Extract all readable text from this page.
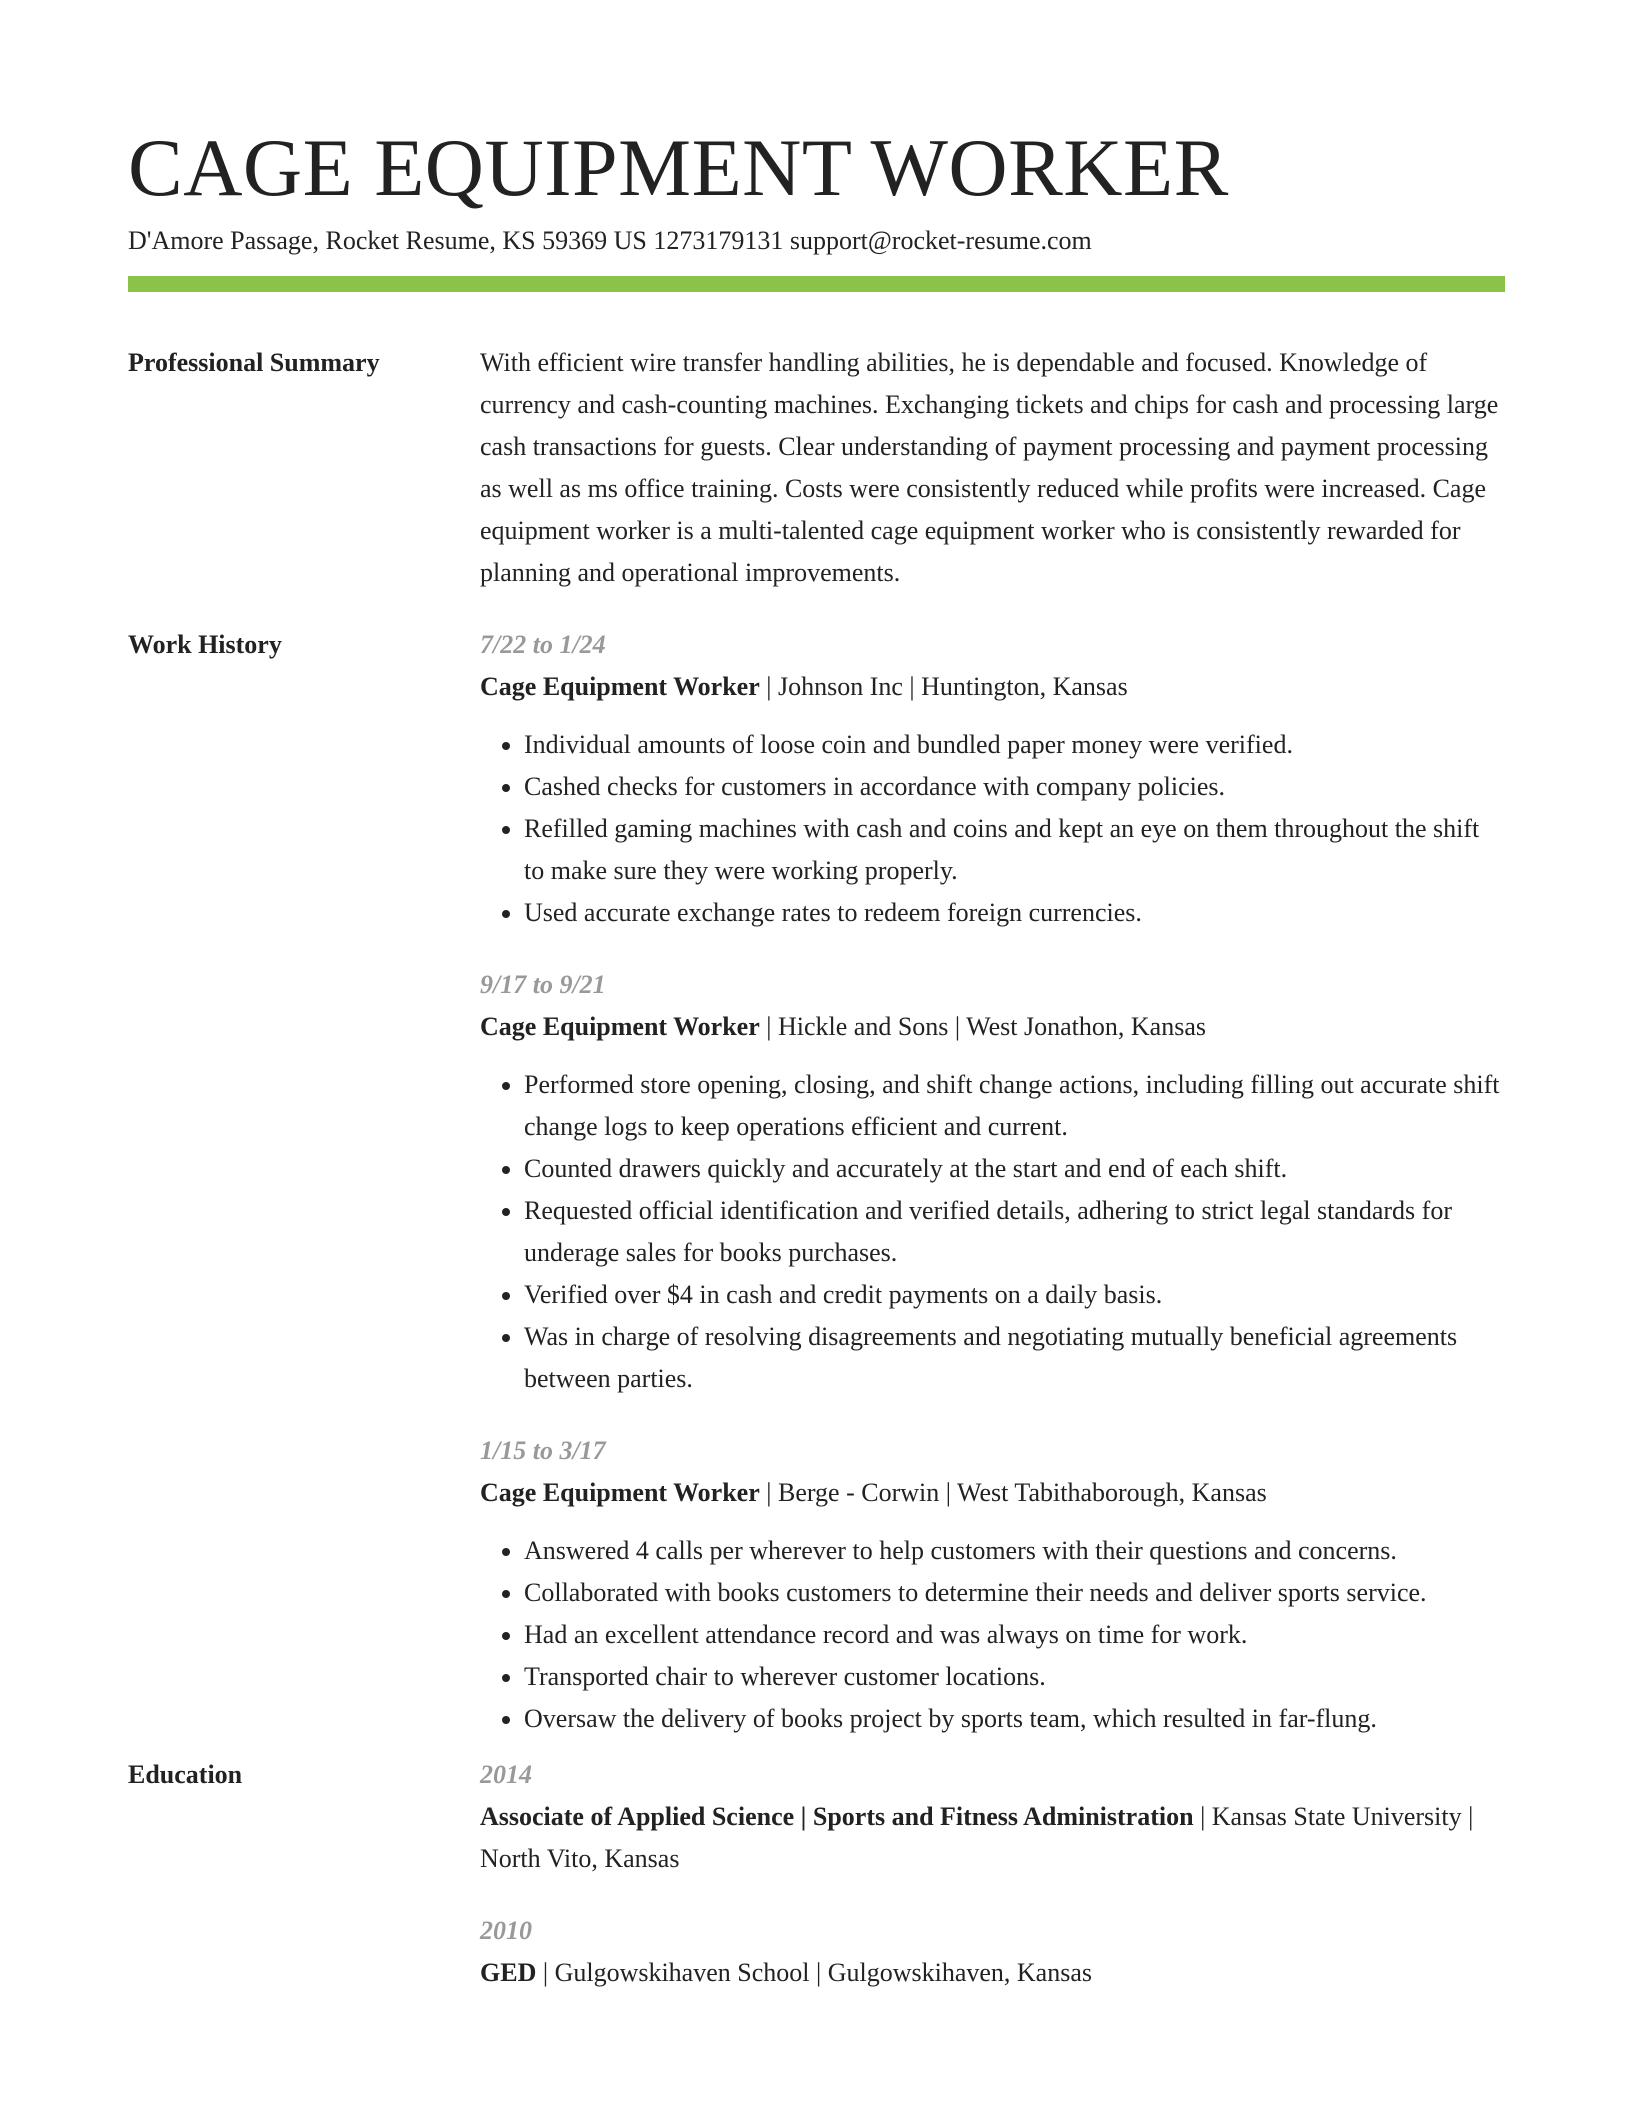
CAGE EQUIPMENT WORKER
D'Amore Passage, Rocket Resume, KS 59369 US 1273179131 support@rocket-resume.com
Professional Summary	With efficient wire transfer handling abilities, he is dependable and focused. Knowledge of currency and cash-counting machines. Exchanging tickets and chips for cash and processing large cash transactions for guests. Clear understanding of payment processing and payment processing as well as ms office training. Costs were consistently reduced while profits were increased. Cage equipment worker is a multi-talented cage equipment worker who is consistently rewarded for planning and operational improvements.
Work History	7/22 to 1/24
Cage Equipment Worker | Johnson Inc | Huntington, Kansas
• Individual amounts of loose coin and bundled paper money were verified.
• Cashed checks for customers in accordance with company policies.
• Refilled gaming machines with cash and coins and kept an eye on them throughout the shift to make sure they were working properly.
• Used accurate exchange rates to redeem foreign currencies.
9/17 to 9/21
Cage Equipment Worker | Hickle and Sons | West Jonathon, Kansas
• Performed store opening, closing, and shift change actions, including filling out accurate shift change logs to keep operations efficient and current.
• Counted drawers quickly and accurately at the start and end of each shift.
• Requested official identification and verified details, adhering to strict legal standards for underage sales for books purchases.
• Verified over $4 in cash and credit payments on a daily basis.
• Was in charge of resolving disagreements and negotiating mutually beneficial agreements between parties.
1/15 to 3/17
Cage Equipment Worker | Berge - Corwin | West Tabithaborough, Kansas
• Answered 4 calls per wherever to help customers with their questions and concerns.
• Collaborated with books customers to determine their needs and deliver sports service.
• Had an excellent attendance record and was always on time for work.
• Transported chair to wherever customer locations.
• Oversaw the delivery of books project by sports team, which resulted in far-flung.
Education	2014
Associate of Applied Science | Sports and Fitness Administration | Kansas State University| North Vito, Kansas
2010
GED | Gulgowskihaven School | Gulgowskihaven, Kansas
